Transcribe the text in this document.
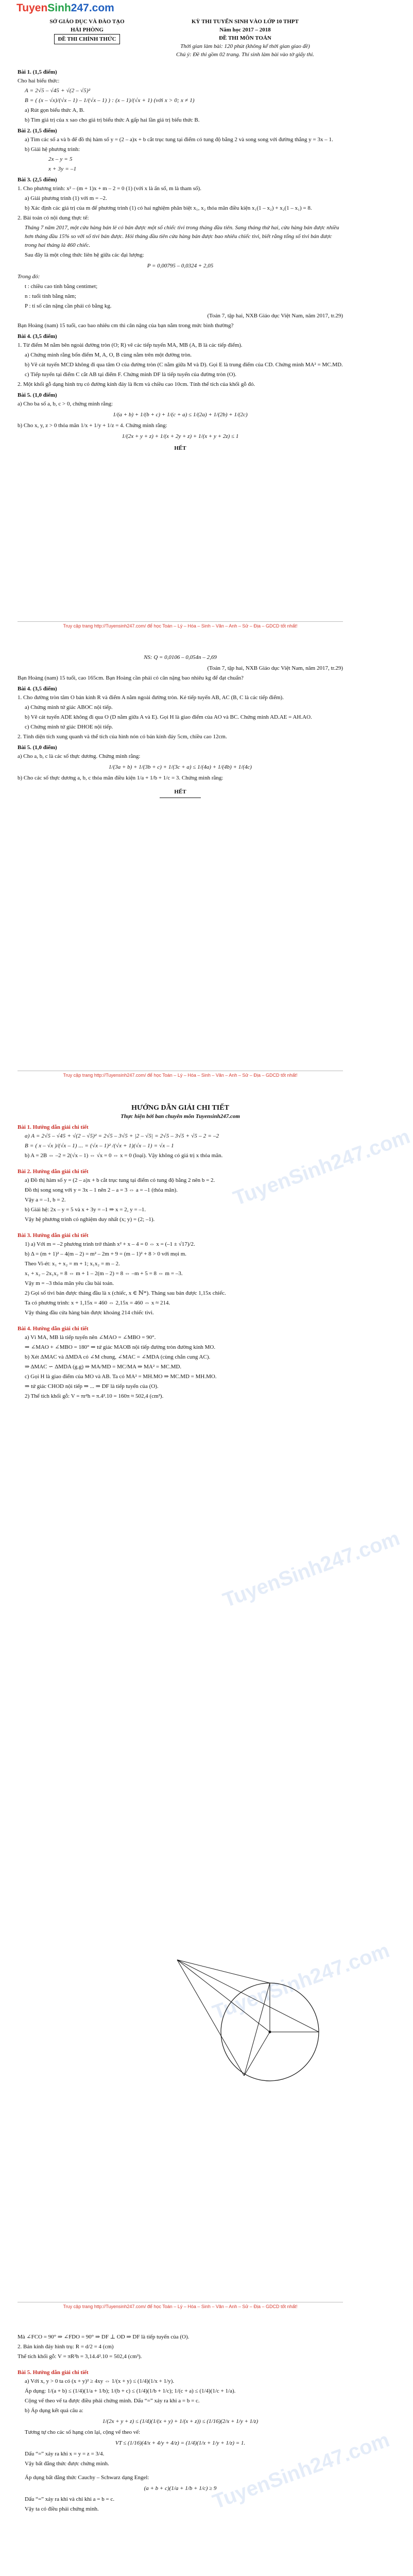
TuyenSinh247.com
SỞ GIÁO DỤC VÀ ĐÀO TẠO
HẢI PHÒNG
ĐỀ THI CHÍNH THỨC
KỲ THI TUYỂN SINH VÀO LỚP 10 THPT
Năm học 2017 – 2018
ĐỀ THI MÔN TOÁN
Thời gian làm bài: 120 phút (không kể thời gian giao đề)
Chú ý: Đề thi gồm 02 trang. Thí sinh làm bài vào tờ giấy thi.
Bài 1. (1,5 điểm)
Cho hai biểu thức:
A = 2√5 – √45 + √(2 – √5)²
B = ( (x – √x)/(√x – 1) – 1/(√x – 1) ) : (x – 1)/(√x + 1) (với x > 0; x ≠ 1)
a) Rút gọn biểu thức A, B.
b) Tìm giá trị của x sao cho giá trị biểu thức A gấp hai lần giá trị biểu thức B.
Bài 2. (1,5 điểm)
a) Tìm các số a và b để đồ thị hàm số y = (2 – a)x + b cắt trục tung tại điểm có tung độ bằng 2 và song song với đường thẳng y = 3x – 1.
b) Giải hệ phương trình:
2x – y = 5
x + 3y = –1
Bài 3. (2,5 điểm)
1. Cho phương trình: x² – (m + 1)x + m – 2 = 0 (1) (với x là ẩn số, m là tham số).
a) Giải phương trình (1) với m = –2.
b) Xác định các giá trị của m để phương trình (1) có hai nghiệm phân biệt x₁, x₂ thỏa mãn điều kiện x₁(1 – x₂) + x₂(1 – x₁) = 8.
2. Bài toán có nội dung thực tế:
Tháng 7 năm 2017, một cửa hàng bán lẻ có bán được một số chiếc tivi trong tháng đầu tiên. Sang tháng thứ hai, cửa hàng bán được nhiều hơn tháng đầu 15% so với số tivi bán được. Hỏi tháng đầu tiên cửa hàng bán được bao nhiêu chiếc tivi, biết rằng tổng số tivi bán được trong hai tháng là 460 chiếc.
Sau đây là một công thức liên hệ giữa các đại lượng:
P = 0,00795 – 0,0324 + 2,05
Trong đó:
t : chiều cao tính bằng centimet;
n : tuổi tính bằng năm;
P : tỉ số cân nặng cần phải có bằng kg.
(Toán 7, tập hai, NXB Giáo dục Việt Nam, năm 2017, tr.29)
Bạn Hoàng (nam) 15 tuổi, cao bao nhiêu cm thì cân nặng của bạn nằm trong mức bình thường?
Bài 4. (3,5 điểm)
1. Từ điểm M nằm bên ngoài đường tròn (O; R) vẽ các tiếp tuyến MA, MB (A, B là các tiếp điểm).
a) Chứng minh rằng bốn điểm M, A, O, B cùng nằm trên một đường tròn.
b) Vẽ cát tuyến MCD không đi qua tâm O của đường tròn (C nằm giữa M và D). Gọi E là trung điểm của CD. Chứng minh MA² = MC.MD.
c) Tiếp tuyến tại điểm C cắt AB tại điểm F. Chứng minh DF là tiếp tuyến của đường tròn (O).
2. Một khối gỗ dạng hình trụ có đường kính đáy là 8cm và chiều cao 10cm. Tính thể tích của khối gỗ đó.
Bài 5. (1,0 điểm)
a) Cho ba số a, b, c > 0, chứng minh rằng:
1/(a + b) + 1/(b + c) + 1/(c + a) ≤ 1/(2a) + 1/(2b) + 1/(2c)
b) Cho x, y, z > 0 thỏa mãn 1/x + 1/y + 1/z = 4. Chứng minh rằng:
1/(2x + y + z) + 1/(x + 2y + z) + 1/(x + y + 2z) ≤ 1
HẾT
Truy cập trang http://Tuyensinh247.com/ để học Toán – Lý – Hóa – Sinh – Văn – Anh – Sử – Địa – GDCD tốt nhất!
NS: Q = 0,0106 – 0,054n – 2,69
(Toán 7, tập hai, NXB Giáo dục Việt Nam, năm 2017, tr.29)
Bạn Hoàng (nam) 15 tuổi, cao 165cm. Bạn Hoàng cần phải có cân nặng bao nhiêu kg để đạt chuẩn?
Bài 4. (3,5 điểm)
1. Cho đường tròn tâm O bán kính R và điểm A nằm ngoài đường tròn. Kẻ tiếp tuyến AB, AC (B, C là các tiếp điểm).
a) Chứng minh tứ giác ABOC nội tiếp.
b) Vẽ cát tuyến ADE không đi qua O (D nằm giữa A và E). Gọi H là giao điểm của AO và BC. Chứng minh AD.AE = AH.AO.
c) Chứng minh tứ giác DHOE nội tiếp.
2. Tính diện tích xung quanh và thể tích của hình nón có bán kính đáy 5cm, chiều cao 12cm.
Bài 5. (1,0 điểm)
a) Cho a, b, c là các số thực dương. Chứng minh rằng:
1/(3a + b) + 1/(3b + c) + 1/(3c + a) ≤ 1/(4a) + 1/(4b) + 1/(4c)
b) Cho các số thực dương a, b, c thỏa mãn điều kiện 1/a + 1/b + 1/c = 3. Chứng minh rằng:
HẾT
Truy cập trang http://Tuyensinh247.com/ để học Toán – Lý – Hóa – Sinh – Văn – Anh – Sử – Địa – GDCD tốt nhất!
TuyenSinh247.com
TuyenSinh247.com
TuyenSinh247.com
HƯỚNG DẪN GIẢI CHI TIẾT
Thực hiện bởi ban chuyên môn Tuyensinh247.com
Bài 1. Hướng dẫn giải chi tiết
a) A = 2√5 – √45 + √(2 – √5)² = 2√5 – 3√5 + |2 – √5| = 2√5 – 3√5 + √5 – 2 = –2
B = ( x – √x )/(√x – 1) ... = (√x – 1)² /(√x + 1)(√x – 1) = √x – 1
b) A = 2B ⇔ –2 = 2(√x – 1) ⇔ √x = 0 ⇔ x = 0 (loại). Vậy không có giá trị x thỏa mãn.
Bài 2. Hướng dẫn giải chi tiết
a) Đồ thị hàm số y = (2 – a)x + b cắt trục tung tại điểm có tung độ bằng 2 nên b = 2.
Đồ thị song song với y = 3x – 1 nên 2 – a = 3 ⇔ a = –1 (thỏa mãn).
Vậy a = –1, b = 2.
b) Giải hệ: 2x – y = 5 và x + 3y = –1 ⇒ x = 2, y = –1.
Vậy hệ phương trình có nghiệm duy nhất (x; y) = (2; –1).
Bài 3. Hướng dẫn giải chi tiết
1) a) Với m = –2 phương trình trở thành x² + x – 4 = 0 ⇔ x = (–1 ± √17)/2.
b) Δ = (m + 1)² – 4(m – 2) = m² – 2m + 9 = (m – 1)² + 8 > 0 với mọi m.
Theo Vi-ét: x₁ + x₂ = m + 1; x₁x₂ = m – 2.
x₁ + x₂ – 2x₁x₂ = 8 ⇔ m + 1 – 2(m – 2) = 8 ⇔ –m + 5 = 8 ⇔ m = –3.
Vậy m = –3 thỏa mãn yêu cầu bài toán.
2) Gọi số tivi bán được tháng đầu là x (chiếc, x ∈ ℕ*). Tháng sau bán được 1,15x chiếc.
Ta có phương trình: x + 1,15x = 460 ⇔ 2,15x = 460 ⇔ x ≈ 214.
Vậy tháng đầu cửa hàng bán được khoảng 214 chiếc tivi.
Bài 4. Hướng dẫn giải chi tiết
a) Vì MA, MB là tiếp tuyến nên ∠MAO = ∠MBO = 90°.
⇒ ∠MAO + ∠MBO = 180° ⇒ tứ giác MAOB nội tiếp đường tròn đường kính MO.
b) Xét ΔMAC và ΔMDA có ∠M chung, ∠MAC = ∠MDA (cùng chắn cung AC).
⇒ ΔMAC ∽ ΔMDA (g.g) ⇒ MA/MD = MC/MA ⇒ MA² = MC.MD.
c) Gọi H là giao điểm của MO và AB. Ta có MA² = MH.MO ⇒ MC.MD = MH.MO.
⇒ tứ giác CHOD nội tiếp ⇒ ... ⇒ DF là tiếp tuyến của (O).
2) Thể tích khối gỗ: V = πr²h = π.4².10 = 160π ≈ 502,4 (cm³).
Truy cập trang http://Tuyensinh247.com/ để học Toán – Lý – Hóa – Sinh – Văn – Anh – Sử – Địa – GDCD tốt nhất!
TuyenSinh247.com
Mà ∠FCO = 90° ⇒ ∠FDO = 90° ⇒ DF ⊥ OD ⇒ DF là tiếp tuyến của (O).
2. Bán kính đáy hình trụ: R = d/2 = 4 (cm)
Thể tích khối gỗ: V = πR²h = 3,14.4².10 = 502,4 (cm³).
Bài 5. Hướng dẫn giải chi tiết
a) Với x, y > 0 ta có (x + y)² ≥ 4xy ⇔ 1/(x + y) ≤ (1/4)(1/x + 1/y).
Áp dụng: 1/(a + b) ≤ (1/4)(1/a + 1/b); 1/(b + c) ≤ (1/4)(1/b + 1/c); 1/(c + a) ≤ (1/4)(1/c + 1/a).
Cộng vế theo vế ta được điều phải chứng minh. Dấu “=” xảy ra khi a = b = c.
b) Áp dụng kết quả câu a:
1/(2x + y + z) ≤ (1/4)(1/(x + y) + 1/(x + z)) ≤ (1/16)(2/x + 1/y + 1/z)
Tương tự cho các số hạng còn lại, cộng vế theo vế:
VT ≤ (1/16)(4/x + 4/y + 4/z) = (1/4)(1/x + 1/y + 1/z) = 1.
Dấu “=” xảy ra khi x = y = z = 3/4.
Vậy bất đẳng thức được chứng minh.
Áp dụng bất đẳng thức Cauchy – Schwarz dạng Engel:
(a + b + c)(1/a + 1/b + 1/c) ≥ 9
Dấu “=” xảy ra khi và chỉ khi a = b = c.
Vậy ta có điều phải chứng minh.
